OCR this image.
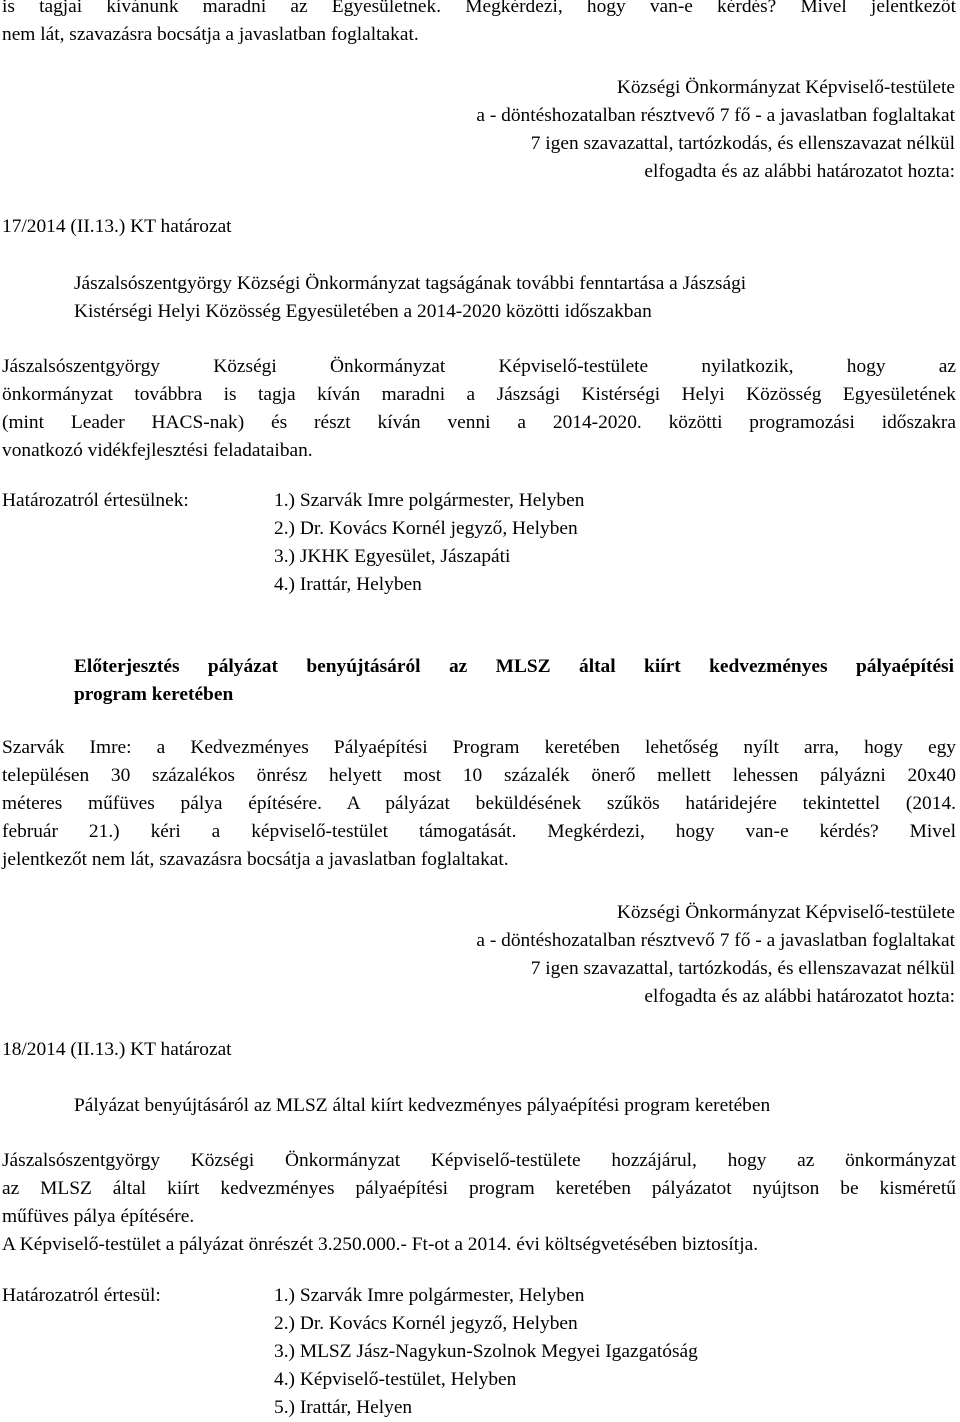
is tagjai kívánunk maradni az Egyesületnek. Megkérdezi, hogy van-e kérdés? Mivel jelentkezőt
nem lát, szavazásra bocsátja a javaslatban foglaltakat.
Községi Önkormányzat Képviselő-testülete
a - döntéshozatalban résztvevő 7 fő - a javaslatban foglaltakat
7 igen szavazattal, tartózkodás, és ellenszavazat nélkül
elfogadta és az alábbi határozatot hozta:
17/2014 (II.13.) KT határozat
Jászalsószentgyörgy Községi Önkormányzat tagságának további fenntartása a Jászsági
Kistérségi Helyi Közösség Egyesületében a 2014-2020 közötti időszakban
Jászalsószentgyörgy Községi Önkormányzat Képviselő-testülete nyilatkozik, hogy az
önkormányzat továbbra is tagja kíván maradni a Jászsági Kistérségi Helyi Közösség Egyesületének
(mint Leader HACS-nak) és részt kíván venni a 2014-2020. közötti programozási időszakra
vonatkozó vidékfejlesztési feladataiban.
Határozatról értesülnek:	1.) Szarvák Imre polgármester, Helyben
2.) Dr. Kovács Kornél jegyző, Helyben
3.) JKHK Egyesület, Jászapáti
4.) Irattár, Helyben
Előterjesztés pályázat benyújtásáról az MLSZ által kiírt kedvezményes pályaépítési
program keretében
Szarvák Imre: a Kedvezményes Pályaépítési Program keretében lehetőség nyílt arra, hogy egy
településen 30 százalékos önrész helyett most 10 százalék önerő mellett lehessen pályázni 20x40
méteres műfüves pálya építésére. A pályázat beküldésének szűkös határidejére tekintettel (2014.
február 21.) kéri a képviselő-testület támogatását. Megkérdezi, hogy van-e kérdés? Mivel
jelentkezőt nem lát, szavazásra bocsátja a javaslatban foglaltakat.
Községi Önkormányzat Képviselő-testülete
a - döntéshozatalban résztvevő 7 fő - a javaslatban foglaltakat
7 igen szavazattal, tartózkodás, és ellenszavazat nélkül
elfogadta és az alábbi határozatot hozta:
18/2014 (II.13.) KT határozat
Pályázat benyújtásáról az MLSZ által kiírt kedvezményes pályaépítési program keretében
Jászalsószentgyörgy Községi Önkormányzat Képviselő-testülete hozzájárul, hogy az önkormányzat
az MLSZ által kiírt kedvezményes pályaépítési program keretében pályázatot nyújtson be kisméretű
műfüves pálya építésére.
A Képviselő-testület a pályázat önrészét 3.250.000.- Ft-ot a 2014. évi költségvetésében biztosítja.
Határozatról értesül:	1.) Szarvák Imre polgármester, Helyben
2.) Dr. Kovács Kornél jegyző, Helyben
3.) MLSZ Jász-Nagykun-Szolnok Megyei Igazgatóság
4.) Képviselő-testület, Helyben
5.) Irattár, Helyen
